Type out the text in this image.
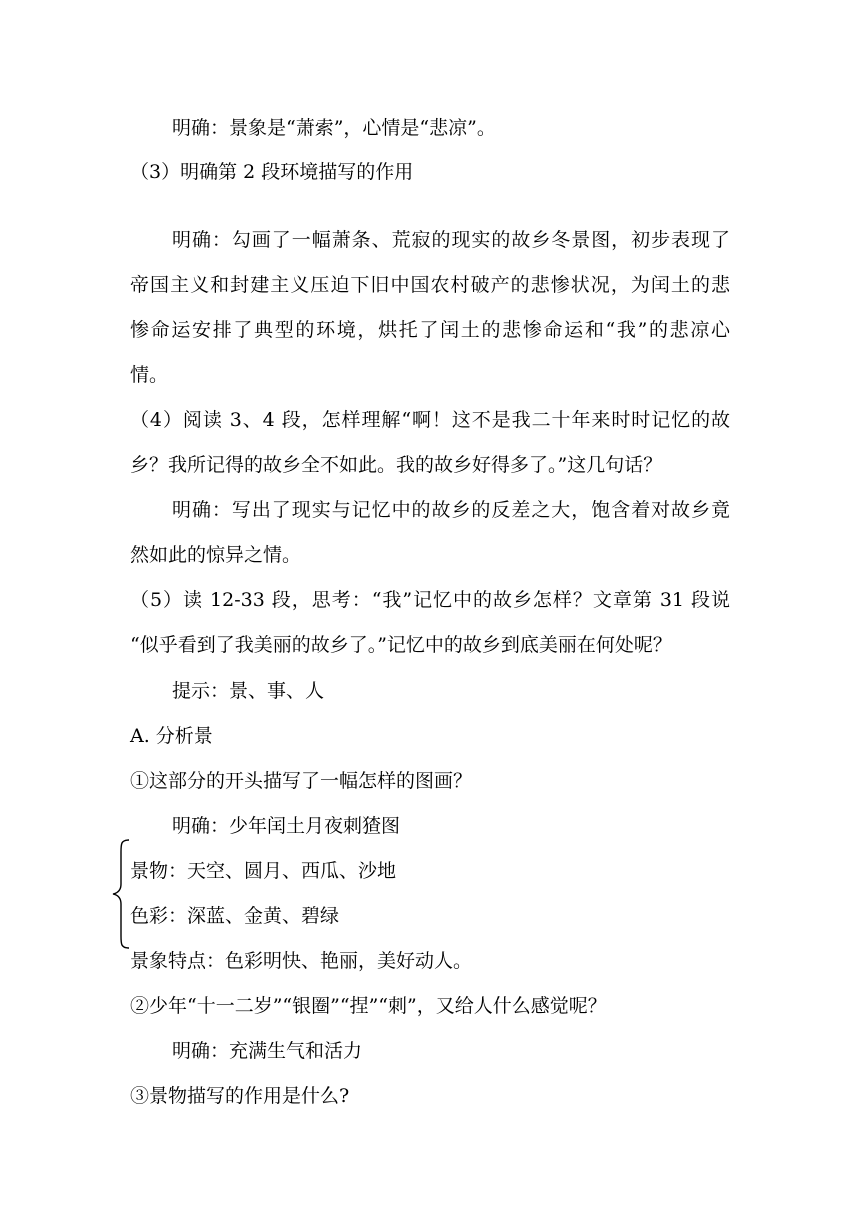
明确：景象是“萧索”，心情是“悲凉”。
（3）明确第 2 段环境描写的作用
明确：勾画了一幅萧条、荒寂的现实的故乡冬景图，初步表现了
帝国主义和封建主义压迫下旧中国农村破产的悲惨状况，为闰土的悲
惨命运安排了典型的环境，烘托了闰土的悲惨命运和“我”的悲凉心
情。
（4）阅读 3、4 段，怎样理解“啊！这不是我二十年来时时记忆的故
乡？我所记得的故乡全不如此。我的故乡好得多了。”这几句话？
明确：写出了现实与记忆中的故乡的反差之大，饱含着对故乡竟
然如此的惊异之情。
（5）读 12-33 段，思考：“我”记忆中的故乡怎样？文章第 31 段说
“似乎看到了我美丽的故乡了。”记忆中的故乡到底美丽在何处呢？
提示：景、事、人
A. 分析景
①这部分的开头描写了一幅怎样的图画？
明确：少年闰土月夜刺猹图
景物：天空、圆月、西瓜、沙地
色彩：深蓝、金黄、碧绿
景象特点：色彩明快、艳丽，美好动人。
②少年“十一二岁”“银圈”“捏”“刺”，又给人什么感觉呢？
明确：充满生气和活力
③景物描写的作用是什么?
